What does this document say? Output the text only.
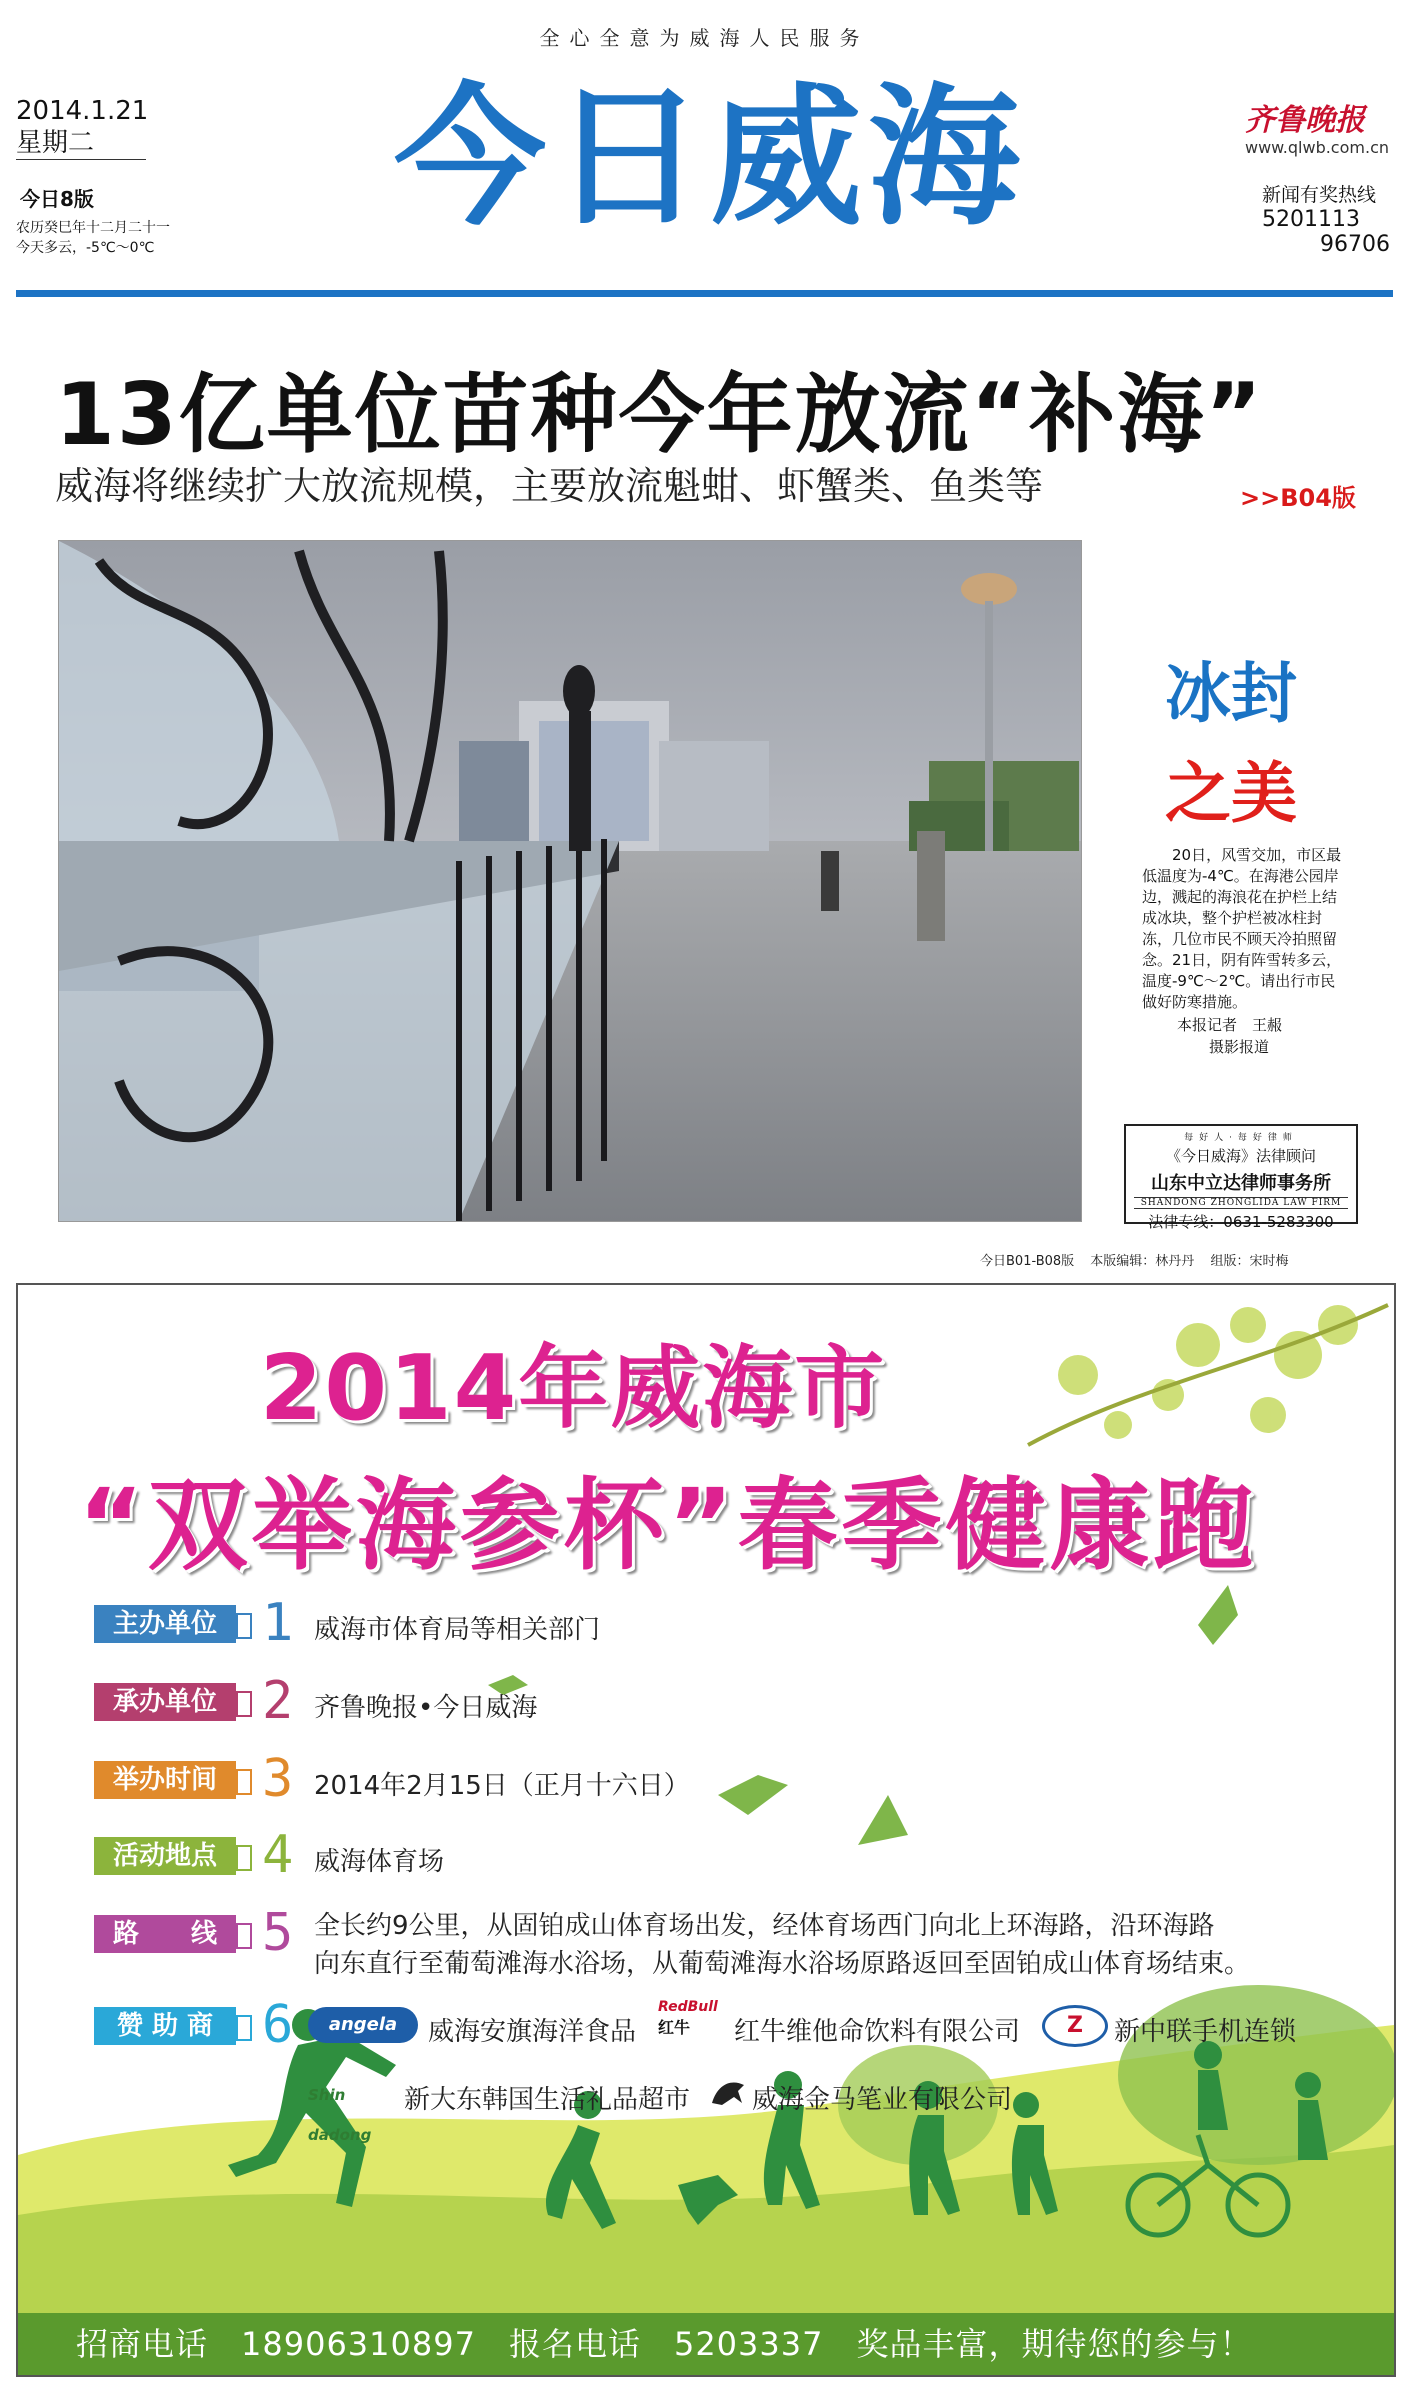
全心全意为威海人民服务
2014.1.21
星期二
今日8版
农历癸巳年十二月二十一
今天多云，-5℃～0℃
今日威海	齐鲁晚报
www.qlwb.com.cn
新闻有奖热线
5201113
96706
13亿单位苗种今年放流“补海”
威海将继续扩大放流规模，主要放流魁蚶、虾蟹类、鱼类等	>>B04版
冰封
之美
20日，风雪交加，市区最低温度为-4℃。在海港公园岸边，溅起的海浪花在护栏上结成冰块，整个护栏被冰柱封冻，几位市民不顾天冷拍照留念。21日，阴有阵雪转多云，温度-9℃～2℃。请出行市民做好防寒措施。
本报记者　王赧
摄影报道
每好人·每好律师
《今日威海》法律顾问
山东中立达律师事务所
SHANDONG ZHONGLIDA LAW FIRM
法律专线：0631-5283300
今日B01-B08版 本版编辑：林丹丹 组版：宋时梅
2014年威海市
“双举海参杯”春季健康跑
主办单位 1 威海市体育局等相关部门
承办单位 2 齐鲁晚报•今日威海
举办时间 3 2014年2月15日（正月十六日）
活动地点 4 威海体育场
路　　线 5 全长约9公里，从固铂成山体育场出发，经体育场西门向北上环海路，沿环海路
向东直行至葡萄滩海水浴场，从葡萄滩海水浴场原路返回至固铂成山体育场结束。
赞 助 商 6	angela	威海安旗海洋食品
RedBull
红牛	红牛维他命饮料有限公司	Z	新中联手机连锁
Shin dadong
新大东韩国生活礼品超市 威海金马笔业有限公司
招商电话　18906310897　报名电话　5203337　奖品丰富，期待您的参与！
